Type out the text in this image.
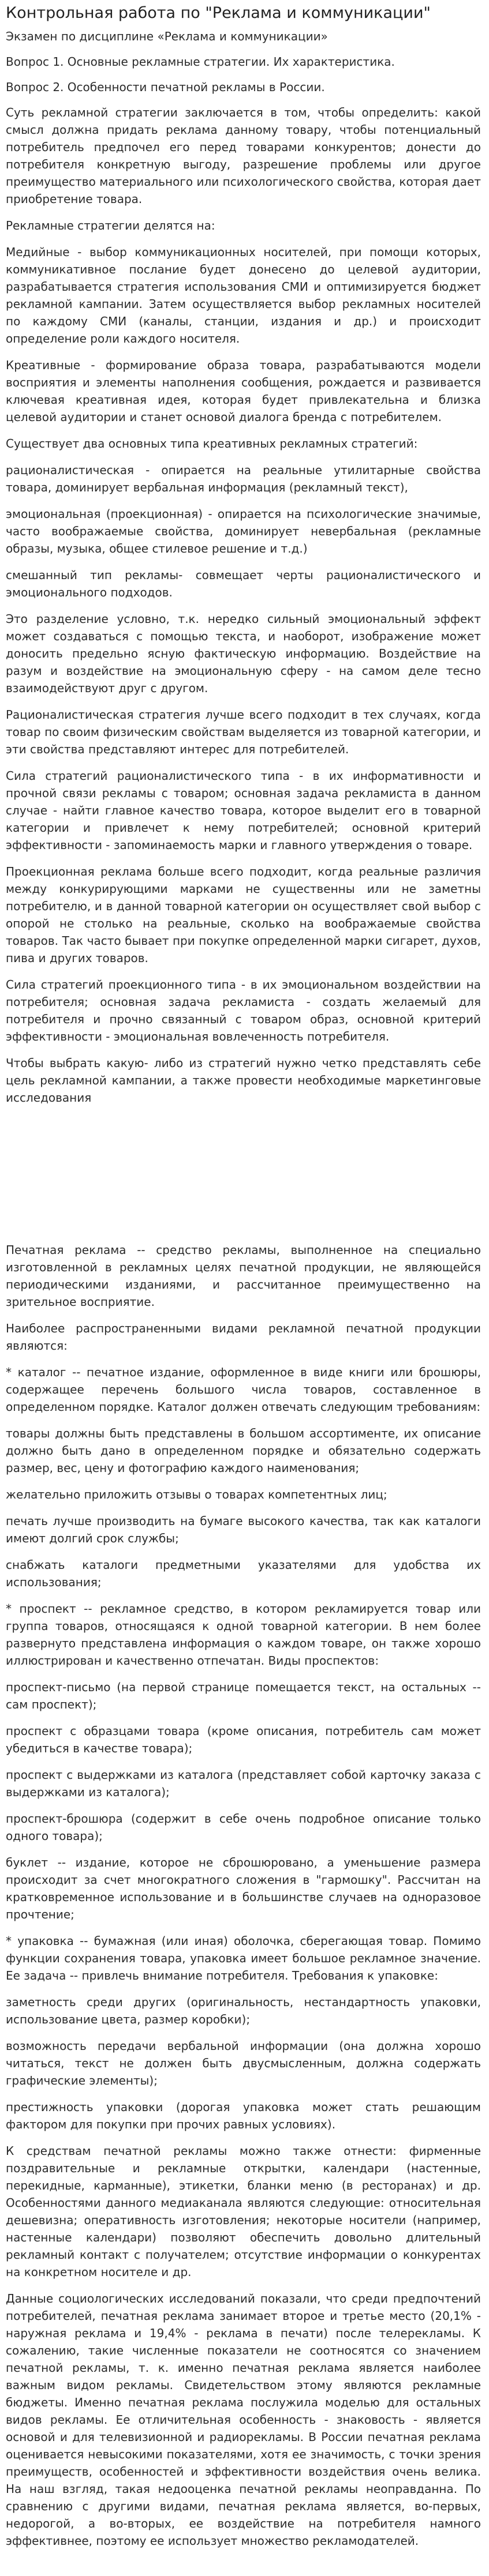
Контрольная работа по "Реклама и коммуникации"

Экзамен по дисциплине «Реклама и коммуникации»

Вопрос 1. Основные рекламные стратегии. Их характеристика.

Вопрос 2. Особенности печатной рекламы в России.

Суть рекламной стратегии заключается в том, чтобы определить: какой смысл должна придать реклама данному товару, чтобы потенциальный потребитель предпочел его перед товарами конкурентов; донести до потребителя конкретную выгоду, разрешение проблемы или другое преимущество материального или психологического свойства, которая дает приобретение товара.

Рекламные стратегии делятся на:

Медийные - выбор коммуникационных носителей, при помощи которых, коммуникативное послание будет донесено до целевой аудитории, разрабатывается стратегия использования СМИ и оптимизируется бюджет рекламной кампании. Затем осуществляется выбор рекламных носителей по каждому СМИ (каналы, станции, издания и др.) и происходит определение роли каждого носителя.

Креативные - формирование образа товара, разрабатываются модели восприятия и элементы наполнения сообщения, рождается и развивается ключевая креативная идея, которая будет привлекательна и близка целевой аудитории и станет основой диалога бренда с потребителем.

Существует два основных типа креативных рекламных стратегий:

рационалистическая - опирается на реальные утилитарные свойства товара, доминирует вербальная информация (рекламный текст),

эмоциональная (проекционная) - опирается на психологические значимые, часто воображаемые свойства, доминирует невербальная (рекламные образы, музыка, общее стилевое решение и т.д.)

смешанный тип рекламы- совмещает черты рационалистического и эмоционального подходов.

Это разделение условно, т.к. нередко сильный эмоциональный эффект может создаваться с помощью текста, и наоборот, изображение может доносить предельно ясную фактическую информацию. Воздействие на разум и воздействие на эмоциональную сферу - на самом деле тесно взаимодействуют друг с другом.

Рационалистическая стратегия лучше всего подходит в тех случаях, когда товар по своим физическим свойствам выделяется из товарной категории, и эти свойства представляют интерес для потребителей.

Сила стратегий рационалистического типа - в их информативности и прочной связи рекламы с товаром; основная задача рекламиста в данном случае - найти главное качество товара, которое выделит его в товарной категории и привлечет к нему потребителей; основной критерий эффективности - запоминаемость марки и главного утверждения о товаре.

Проекционная реклама больше всего подходит, когда реальные различия между конкурирующими марками не существенны или не заметны потребителю, и в данной товарной категории он осуществляет свой выбор с опорой не столько на реальные, сколько на воображаемые свойства товаров. Так часто бывает при покупке определенной марки сигарет, духов, пива и других товаров.

Сила стратегий проекционного типа - в их эмоциональном воздействии на потребителя; основная задача рекламиста - создать желаемый для потребителя и прочно связанный с товаром образ, основной критерий эффективности - эмоциональная вовлеченность потребителя.

Чтобы выбрать какую- либо из стратегий нужно четко представлять себе цель рекламной кампании, а также провести необходимые маркетинговые исследования

Печатная реклама -- средство рекламы, выполненное на специально изготовленной в рекламных целях печатной продукции, не являющейся периодическими изданиями, и рассчитанное преимущественно на зрительное восприятие.

Наиболее распространенными видами рекламной печатной продукции являются:

* каталог -- печатное издание, оформленное в виде книги или брошюры, содержащее перечень большого числа товаров, составленное в определенном порядке. Каталог должен отвечать следующим требованиям:

товары должны быть представлены в большом ассортименте, их описание должно быть дано в определенном порядке и обязательно содержать размер, вес, цену и фотографию каждого наименования;

желательно приложить отзывы о товарах компетентных лиц;

печать лучше производить на бумаге высокого качества, так как каталоги имеют долгий срок службы;

снабжать каталоги предметными указателями для удобства их использования;

* проспект -- рекламное средство, в котором рекламируется товар или группа товаров, относящаяся к одной товарной категории. В нем более развернуто представлена информация о каждом товаре, он также хорошо иллюстрирован и качественно отпечатан. Виды проспектов:

проспект-письмо (на первой странице помещается текст, на остальных -- сам проспект);

проспект с образцами товара (кроме описания, потребитель сам может убедиться в качестве товара);

проспект с выдержками из каталога (представляет собой карточку заказа с выдержками из каталога);

проспект-брошюра (содержит в себе очень подробное описание только одного товара);

буклет -- издание, которое не сброшюровано, а уменьшение размера происходит за счет многократного сложения в "гармошку". Рассчитан на кратковременное использование и в большинстве случаев на одноразовое прочтение;

* упаковка -- бумажная (или иная) оболочка, сберегающая товар. Помимо функции сохранения товара, упаковка имеет большое рекламное значение. Ее задача -- привлечь внимание потребителя. Требования к упаковке:

заметность среди других (оригинальность, нестандартность упаковки, использование цвета, размер коробки);

возможность передачи вербальной информации (она должна хорошо читаться, текст не должен быть двусмысленным, должна содержать графические элементы);

престижность упаковки (дорогая упаковка может стать решающим фактором для покупки при прочих равных условиях).

К средствам печатной рекламы можно также отнести: фирменные поздравительные и рекламные открытки, календари (настенные, перекидные, карманные), этикетки, бланки меню (в ресторанах) и др. Особенностями данного медиаканала являются следующие: относительная дешевизна; оперативность изготовления; некоторые носители (например, настенные календари) позволяют обеспечить довольно длительный рекламный контакт с получателем; отсутствие информации о конкурентах на конкретном носителе и др.

Данные социологических исследований показали, что среди предпочтений потребителей, печатная реклама занимает второе и третье место (20,1% - наружная реклама и 19,4% - реклама в печати) после телерекламы. К сожалению, такие численные показатели не соотносятся со значением печатной рекламы, т. к. именно печатная реклама является наиболее важным видом рекламы. Свидетельством этому являются рекламные бюджеты. Именно печатная реклама послужила моделью для остальных видов рекламы. Ее отличительная особенность - знаковость - является основой и для телевизионной и радиорекламы. В России печатная реклама оценивается невысокими показателями, хотя ее значимость, с точки зрения преимуществ, особенностей и эффективности воздействия очень велика. На наш взгляд, такая недооценка печатной рекламы неоправданна. По сравнению с другими видами, печатная реклама является, во-первых, недорогой, а во-вторых, ее воздействие на потребителя намного эффективнее, поэтому ее использует множество рекламодателей.
